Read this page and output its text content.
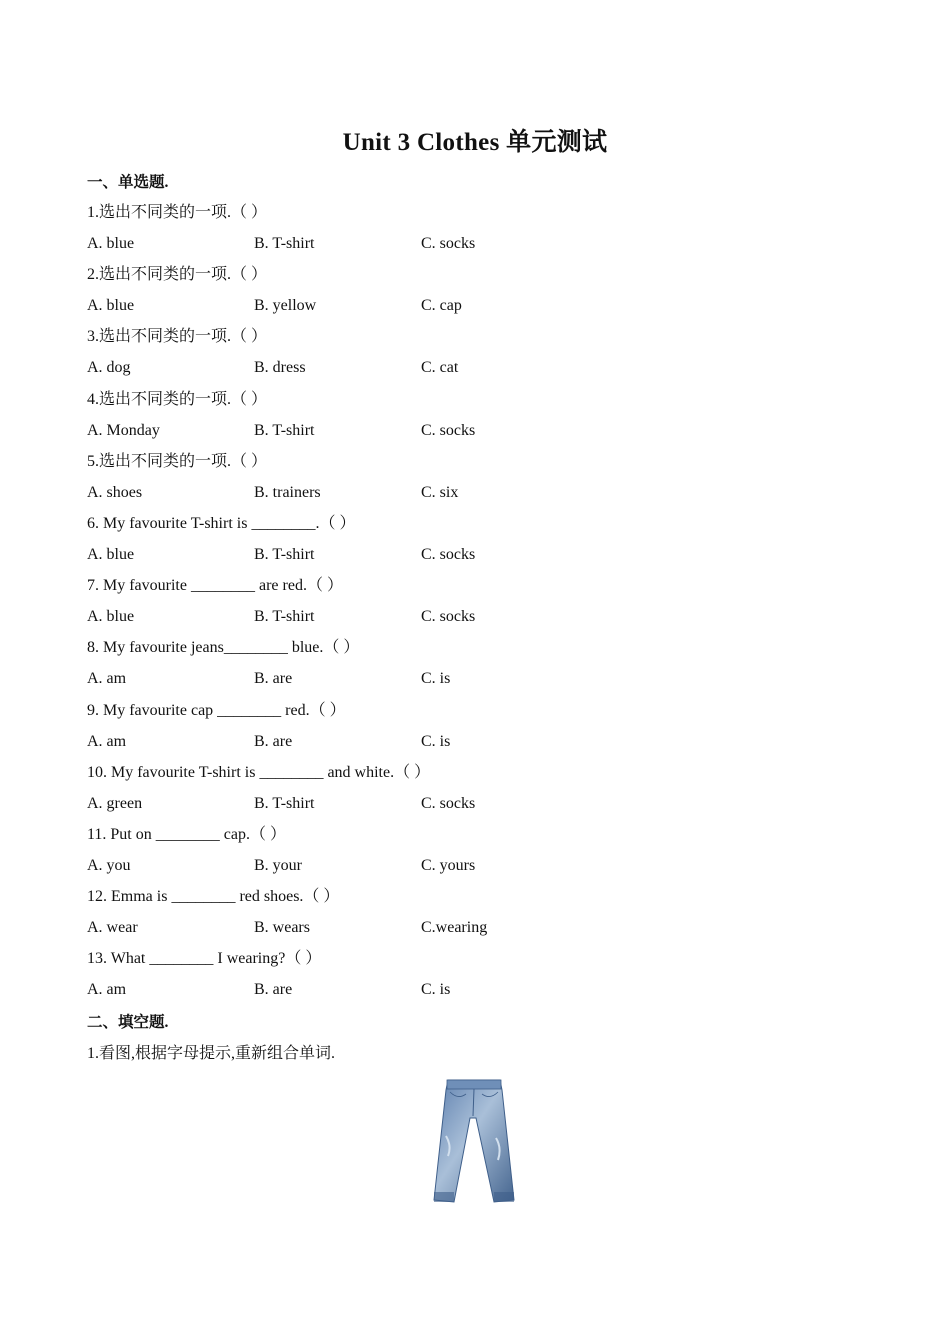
Unit 3 Clothes 单元测试
一、单选题.
1.选出不同类的一项.（ ）
A. blue	B. T-shirt	C. socks
2.选出不同类的一项.（ ）
A. blue	B. yellow	C. cap
3.选出不同类的一项.（ ）
A. dog	B. dress	C. cat
4.选出不同类的一项.（ ）
A. Monday	B. T-shirt	C. socks
5.选出不同类的一项.（ ）
A. shoes	B. trainers	C. six
6. My favourite T-shirt is ________.（ ）
A. blue	B. T-shirt	C. socks
7. My favourite ________ are red.（ ）
A. blue	B. T-shirt	C. socks
8. My favourite jeans________ blue.（ ）
A. am	B. are	C. is
9. My favourite cap ________ red.（ ）
A. am	B. are	C. is
10. My favourite T-shirt is ________ and white.（ ）
A. green	B. T-shirt	C. socks
11. Put on ________ cap.（ ）
A. you	B. your	C. yours
12. Emma is ________ red shoes.（ ）
A. wear	B. wears	C.wearing
13. What ________ I wearing?（ ）
A. am	B. are	C. is
二、填空题.
1.看图,根据字母提示,重新组合单词.
